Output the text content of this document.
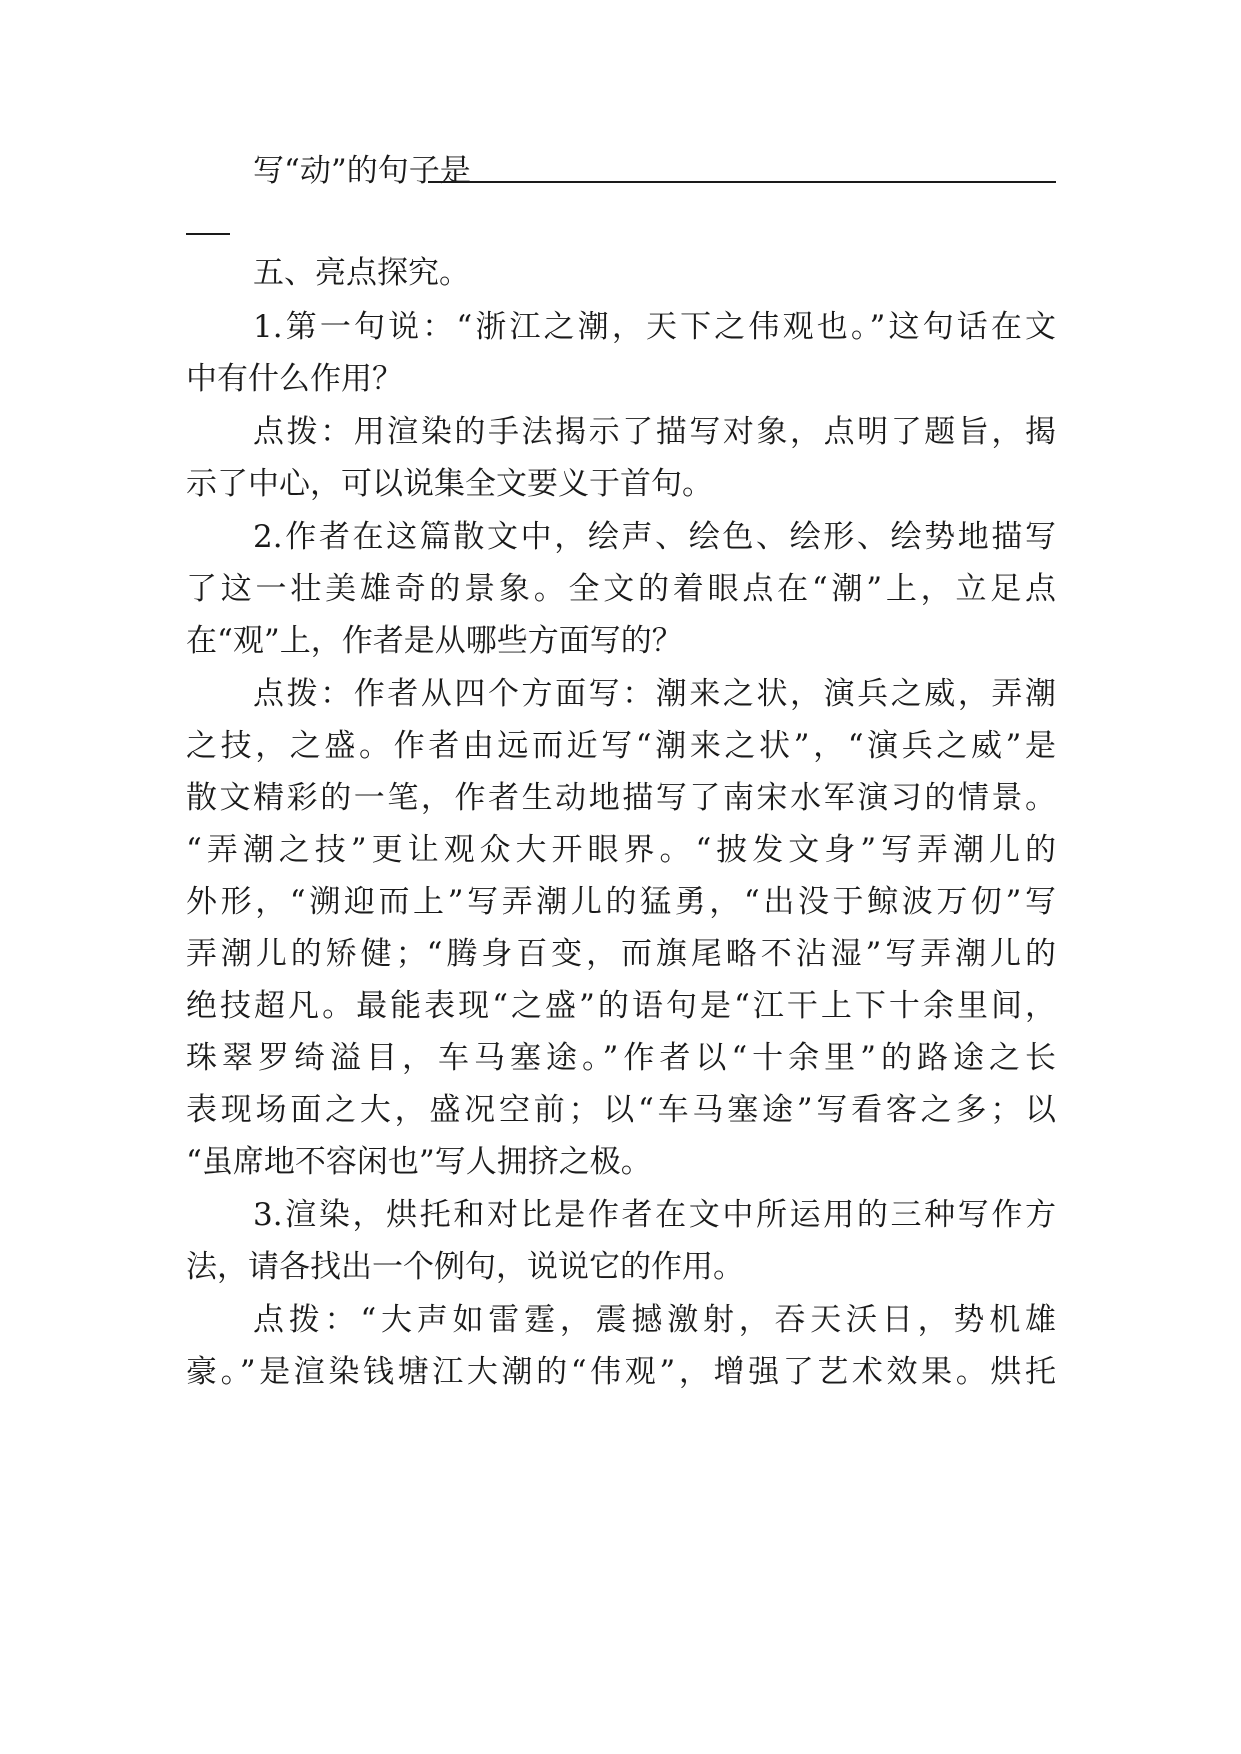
写“动”的句子是
五、亮点探究。
1.第一句说：“浙江之潮，天下之伟观也。”这句话在文
中有什么作用？
点拨：用渲染的手法揭示了描写对象，点明了题旨，揭
示了中心，可以说集全文要义于首句。
2.作者在这篇散文中，绘声、绘色、绘形、绘势地描写
了这一壮美雄奇的景象。全文的着眼点在“潮”上，立足点
在“观”上，作者是从哪些方面写的？
点拨：作者从四个方面写：潮来之状，演兵之威，弄潮
之技，之盛。作者由远而近写“潮来之状”，“演兵之威”是
散文精彩的一笔，作者生动地描写了南宋水军演习的情景。
“弄潮之技”更让观众大开眼界。“披发文身”写弄潮儿的
外形，“溯迎而上”写弄潮儿的猛勇，“出没于鲸波万仞”写
弄潮儿的矫健；“腾身百变，而旗尾略不沾湿”写弄潮儿的
绝技超凡。最能表现“之盛”的语句是“江干上下十余里间，
珠翠罗绮溢目，车马塞途。”作者以“十余里”的路途之长
表现场面之大，盛况空前；以“车马塞途”写看客之多；以
“虽席地不容闲也”写人拥挤之极。
3.渲染，烘托和对比是作者在文中所运用的三种写作方
法，请各找出一个例句，说说它的作用。
点拨：“大声如雷霆，震撼激射，吞天沃日，势机雄
豪。”是渲染钱塘江大潮的“伟观”，增强了艺术效果。烘托
